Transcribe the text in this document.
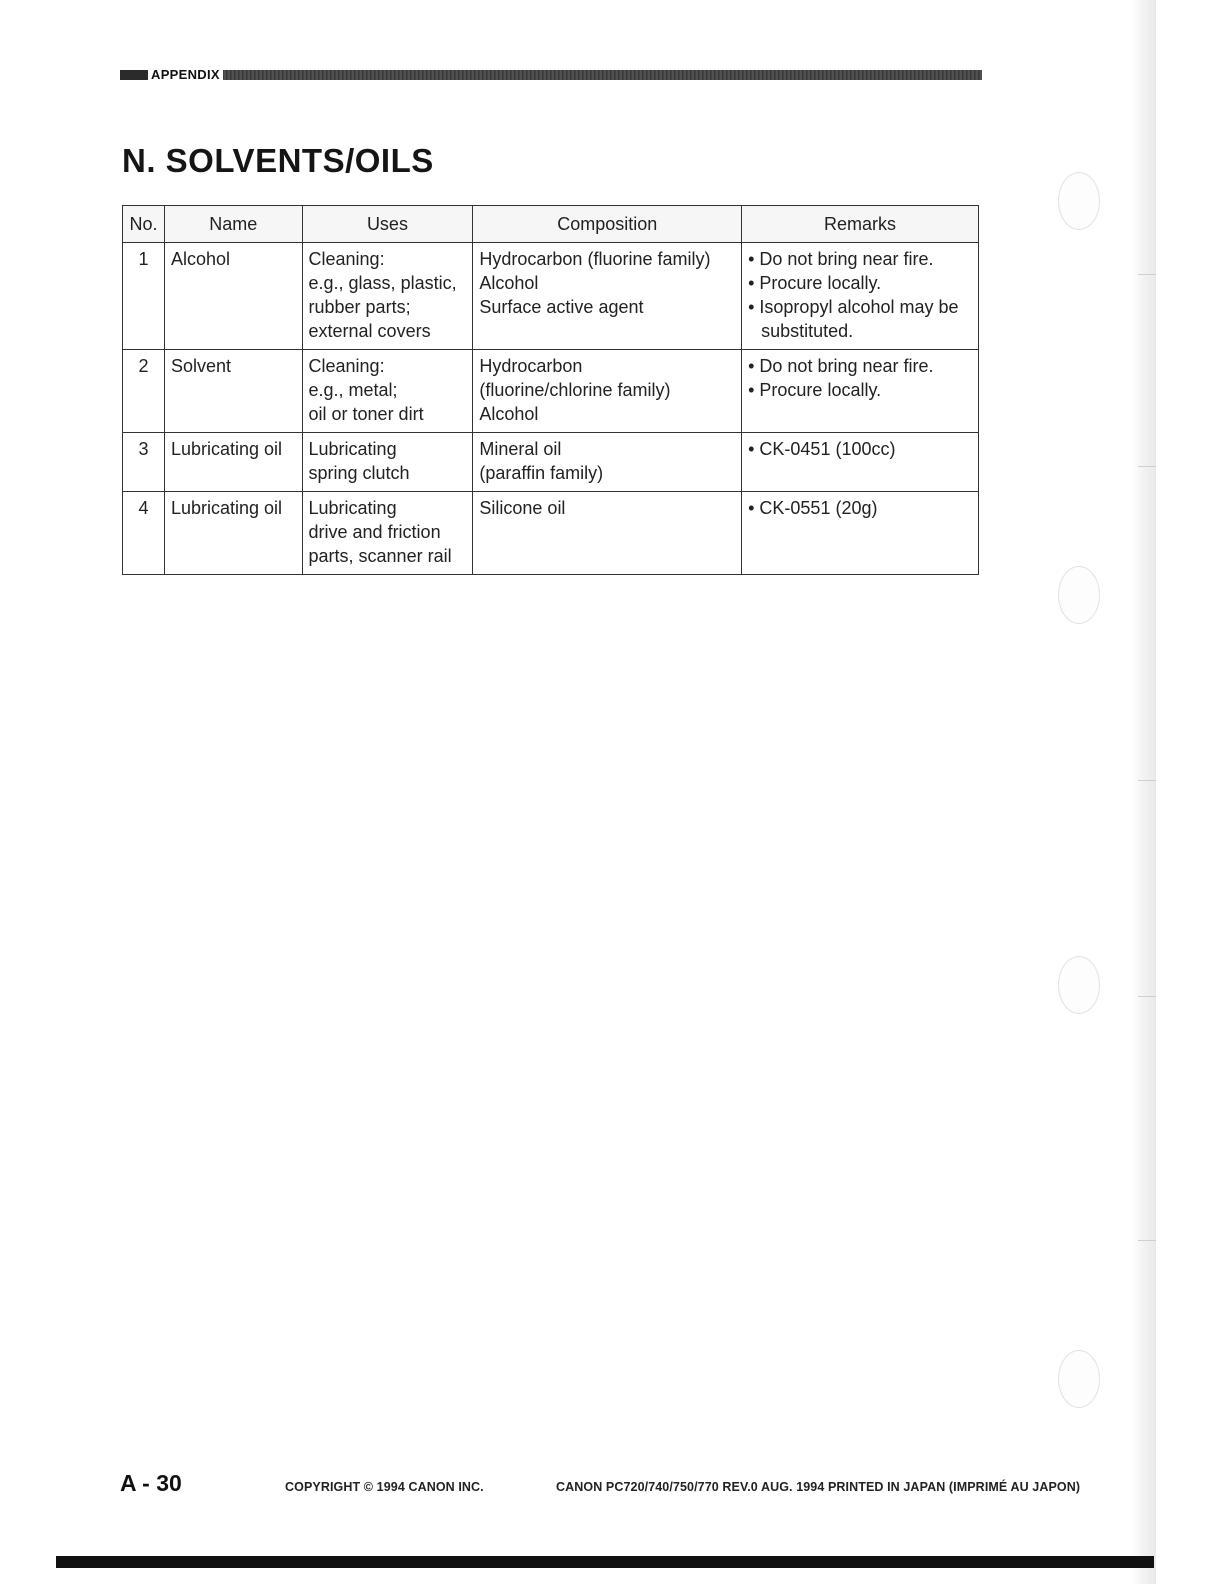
APPENDIX
N. SOLVENTS/OILS
No.	Name	Uses	Composition	Remarks
1	Alcohol	Cleaning:
e.g., glass, plastic,
rubber parts;
external covers	Hydrocarbon (fluorine family)
Alcohol
Surface active agent	• Do not bring near fire.
• Procure locally.
• Isopropyl alcohol may be
substituted.

2	Solvent	Cleaning:
e.g., metal;
oil or toner dirt	Hydrocarbon
(fluorine/chlorine family)
Alcohol	• Do not bring near fire.
• Procure locally.

3	Lubricating oil	Lubricating
spring clutch	Mineral oil
(paraffin family)	• CK-0451 (100cc)

4	Lubricating oil	Lubricating
drive and friction
parts, scanner rail	Silicone oil	• CK-0551 (20g)
A - 30	COPYRIGHT © 1994 CANON INC.	CANON PC720/740/750/770 REV.0 AUG. 1994 PRINTED IN JAPAN (IMPRIMÉ AU JAPON)
